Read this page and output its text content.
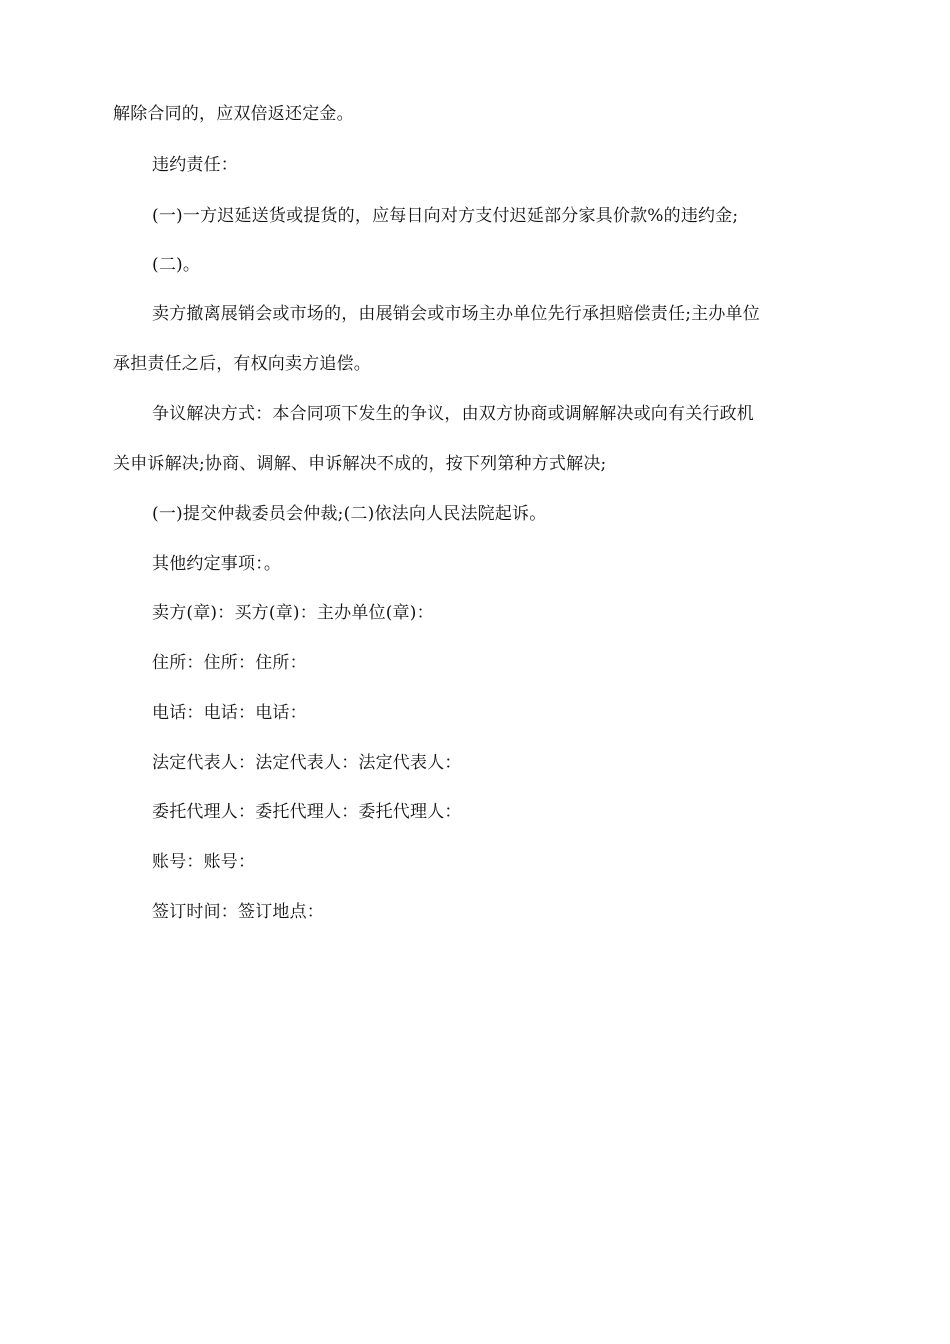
解除合同的，应双倍返还定金。
违约责任：
(一)一方迟延送货或提货的，应每日向对方支付迟延部分家具价款%的违约金;
(二)。
卖方撤离展销会或市场的，由展销会或市场主办单位先行承担赔偿责任;主办单位
承担责任之后，有权向卖方追偿。
争议解决方式：本合同项下发生的争议，由双方协商或调解解决或向有关行政机
关申诉解决;协商、调解、申诉解决不成的，按下列第种方式解决;
(一)提交仲裁委员会仲裁;(二)依法向人民法院起诉。
其他约定事项：。
卖方(章)：买方(章)：主办单位(章)：
住所：住所：住所：
电话：电话：电话：
法定代表人：法定代表人：法定代表人：
委托代理人：委托代理人：委托代理人：
账号：账号：
签订时间：签订地点：
